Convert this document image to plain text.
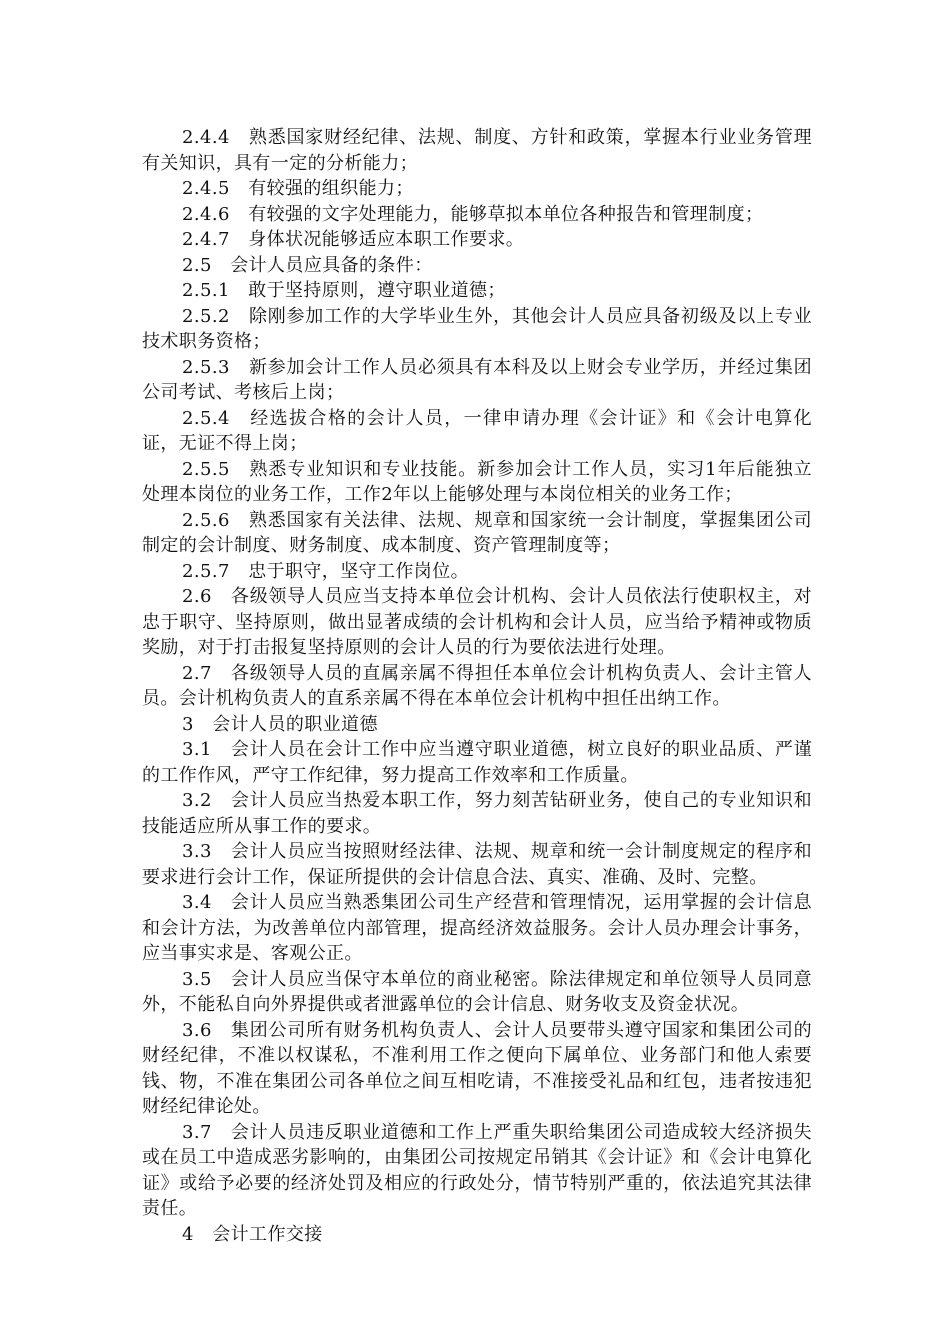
2.4.4　熟悉国家财经纪律、法规、制度、方针和政策，掌握本行业业务管理有关知识，具有一定的分析能力；

2.4.5　有较强的组织能力；

2.4.6　有较强的文字处理能力，能够草拟本单位各种报告和管理制度；

2.4.7　身体状况能够适应本职工作要求。

2.5　会计人员应具备的条件：

2.5.1　敢于坚持原则，遵守职业道德；

2.5.2　除刚参加工作的大学毕业生外，其他会计人员应具备初级及以上专业技术职务资格；

2.5.3　新参加会计工作人员必须具有本科及以上财会专业学历，并经过集团公司考试、考核后上岗；

2.5.4　经选拔合格的会计人员，一律申请办理《会计证》和《会计电算化证，无证不得上岗；

2.5.5　熟悉专业知识和专业技能。新参加会计工作人员，实习1年后能独立处理本岗位的业务工作，工作2年以上能够处理与本岗位相关的业务工作；

2.5.6　熟悉国家有关法律、法规、规章和国家统一会计制度，掌握集团公司制定的会计制度、财务制度、成本制度、资产管理制度等；

2.5.7　忠于职守，坚守工作岗位。

2.6　各级领导人员应当支持本单位会计机构、会计人员依法行使职权主，对忠于职守、坚持原则，做出显著成绩的会计机构和会计人员，应当给予精神或物质奖励，对于打击报复坚持原则的会计人员的行为要依法进行处理。

2.7　各级领导人员的直属亲属不得担任本单位会计机构负责人、会计主管人员。会计机构负责人的直系亲属不得在本单位会计机构中担任出纳工作。

3　会计人员的职业道德

3.1　会计人员在会计工作中应当遵守职业道德，树立良好的职业品质、严谨的工作作风，严守工作纪律，努力提高工作效率和工作质量。

3.2　会计人员应当热爱本职工作，努力刻苦钻研业务，使自己的专业知识和技能适应所从事工作的要求。

3.3　会计人员应当按照财经法律、法规、规章和统一会计制度规定的程序和要求进行会计工作，保证所提供的会计信息合法、真实、准确、及时、完整。

3.4　会计人员应当熟悉集团公司生产经营和管理情况，运用掌握的会计信息和会计方法，为改善单位内部管理，提高经济效益服务。会计人员办理会计事务，应当事实求是、客观公正。

3.5　会计人员应当保守本单位的商业秘密。除法律规定和单位领导人员同意外，不能私自向外界提供或者泄露单位的会计信息、财务收支及资金状况。

3.6　集团公司所有财务机构负责人、会计人员要带头遵守国家和集团公司的财经纪律，不准以权谋私，不准利用工作之便向下属单位、业务部门和他人索要钱、物，不准在集团公司各单位之间互相吃请，不准接受礼品和红包，违者按违犯财经纪律论处。

3.7　会计人员违反职业道德和工作上严重失职给集团公司造成较大经济损失或在员工中造成恶劣影响的，由集团公司按规定吊销其《会计证》和《会计电算化证》或给予必要的经济处罚及相应的行政处分，情节特别严重的，依法追究其法律责任。

4　会计工作交接
